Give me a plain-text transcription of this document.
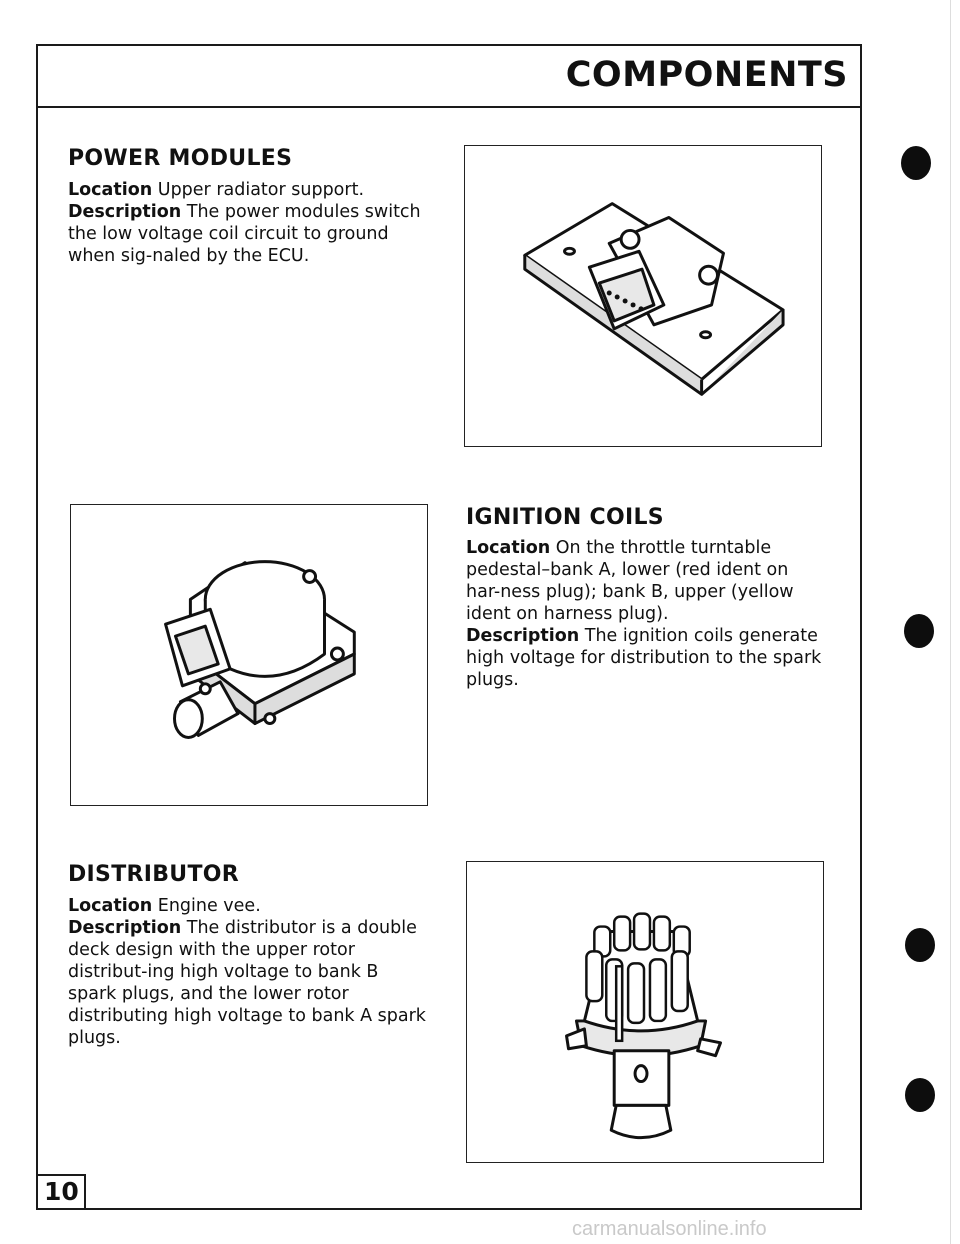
COMPONENTS
POWER MODULES
Location Upper radiator support.
Description The power modules switch the low voltage coil circuit to ground when sig-naled by the ECU.
IGNITION COILS
Location On the throttle turntable pedestal–bank A, lower (red ident on har-ness plug); bank B, upper (yellow ident on harness plug).
Description The ignition coils generate high voltage for distribution to the spark plugs.
DISTRIBUTOR
Location Engine vee.
Description The distributor is a double deck design with the upper rotor distribut-ing high voltage to bank B spark plugs, and the lower rotor distributing high voltage to bank A spark plugs.

10

carmanualsonline.info
